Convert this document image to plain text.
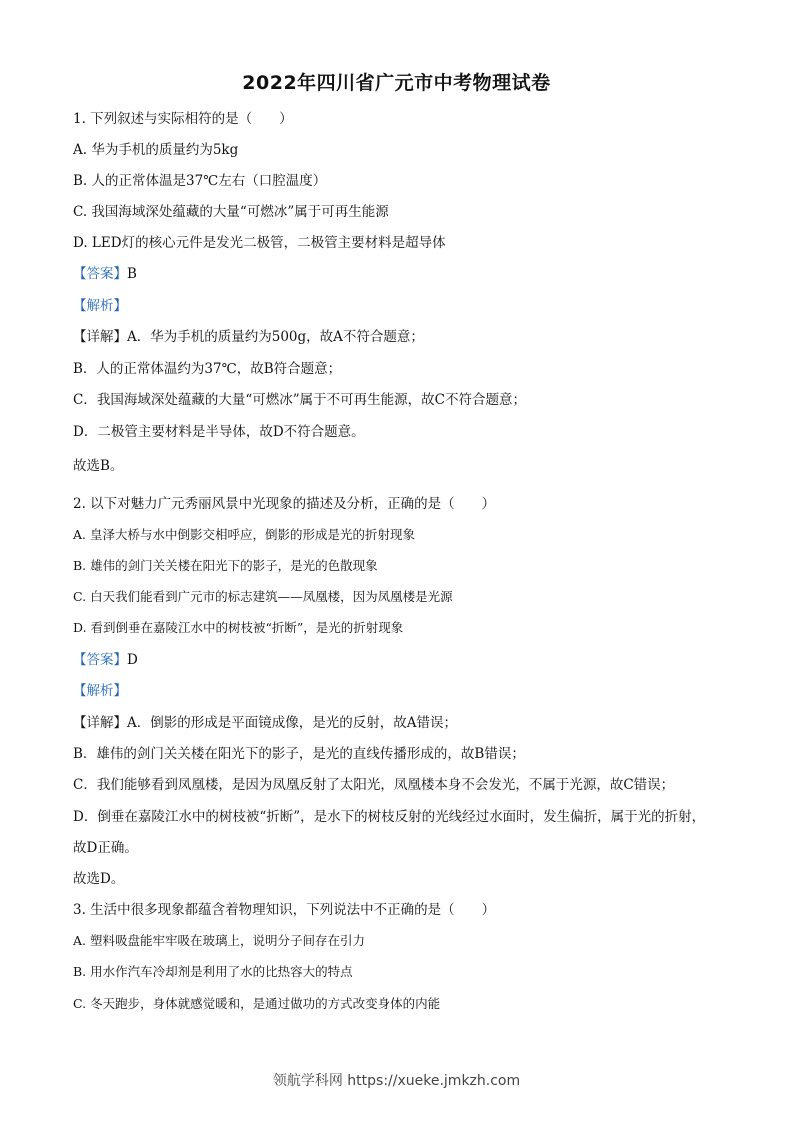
2022年四川省广元市中考物理试卷
1. 下列叙述与实际相符的是（　　）
A. 华为手机的质量约为5kg
B. 人的正常体温是37℃左右（口腔温度）
C. 我国海域深处蕴藏的大量“可燃冰”属于可再生能源
D. LED灯的核心元件是发光二极管，二极管主要材料是超导体
【答案】B
【解析】
【详解】A．华为手机的质量约为500g，故A不符合题意；
B．人的正常体温约为37℃，故B符合题意；
C．我国海域深处蕴藏的大量“可燃冰”属于不可再生能源，故C不符合题意；
D．二极管主要材料是半导体，故D不符合题意。
故选B。
2. 以下对魅力广元秀丽风景中光现象的描述及分析，正确的是（　　）
A. 皇泽大桥与水中倒影交相呼应，倒影的形成是光的折射现象
B. 雄伟的剑门关关楼在阳光下的影子，是光的色散现象
C. 白天我们能看到广元市的标志建筑——凤凰楼，因为凤凰楼是光源
D. 看到倒垂在嘉陵江水中的树枝被“折断”，是光的折射现象
【答案】D
【解析】
【详解】A．倒影的形成是平面镜成像，是光的反射，故A错误；
B．雄伟的剑门关关楼在阳光下的影子，是光的直线传播形成的，故B错误；
C．我们能够看到凤凰楼，是因为凤凰反射了太阳光，凤凰楼本身不会发光，不属于光源，故C错误；
D．倒垂在嘉陵江水中的树枝被“折断”，是水下的树枝反射的光线经过水面时，发生偏折，属于光的折射，
故D正确。
故选D。
3. 生活中很多现象都蕴含着物理知识，下列说法中不正确的是（　　）
A. 塑料吸盘能牢牢吸在玻璃上，说明分子间存在引力
B. 用水作汽车冷却剂是利用了水的比热容大的特点
C. 冬天跑步，身体就感觉暖和，是通过做功的方式改变身体的内能
领航学科网 https://xueke.jmkzh.com
